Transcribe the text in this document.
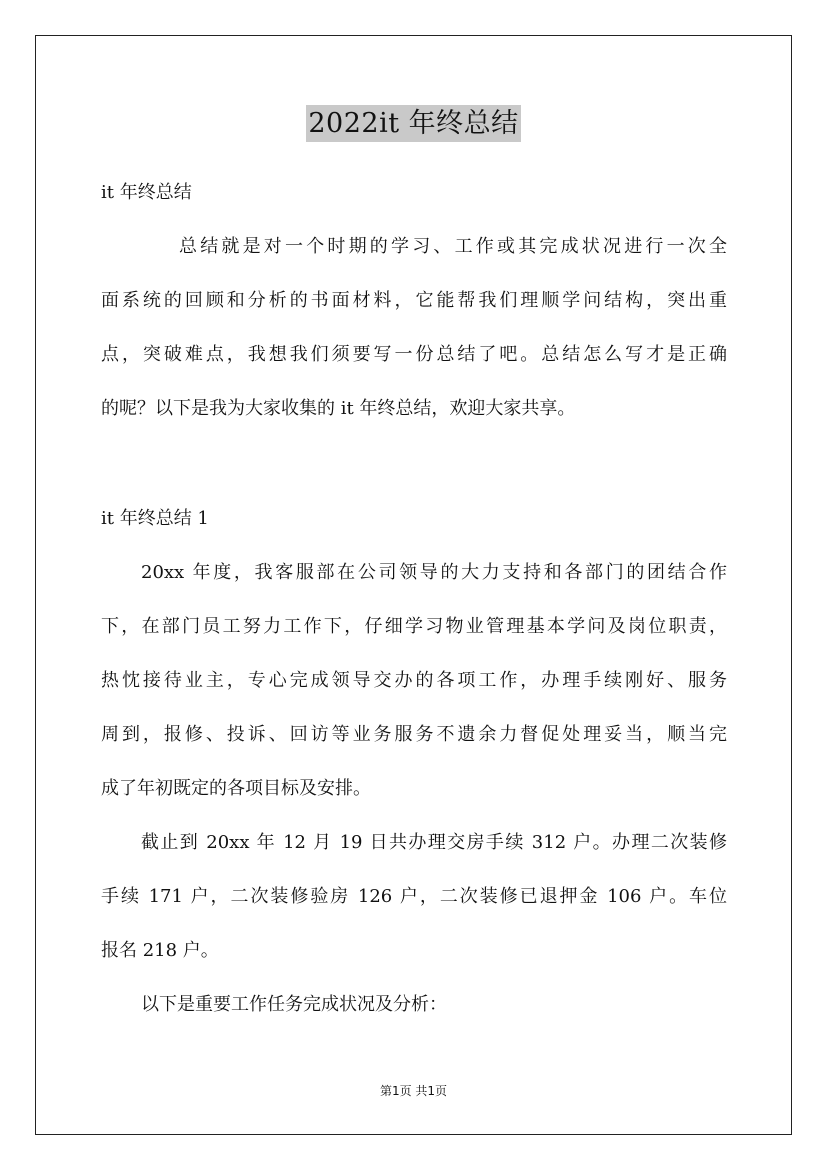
2022it 年终总结
it 年终总结
总结就是对一个时期的学习、工作或其完成状况进行一次全
面系统的回顾和分析的书面材料，它能帮我们理顺学问结构，突出重
点，突破难点，我想我们须要写一份总结了吧。总结怎么写才是正确
的呢？以下是我为大家收集的 it 年终总结，欢迎大家共享。
it 年终总结 1
20xx 年度，我客服部在公司领导的大力支持和各部门的团结合作
下，在部门员工努力工作下，仔细学习物业管理基本学问及岗位职责，
热忱接待业主，专心完成领导交办的各项工作，办理手续刚好、服务
周到，报修、投诉、回访等业务服务不遗余力督促处理妥当，顺当完
成了年初既定的各项目标及安排。
截止到 20xx 年 12 月 19 日共办理交房手续 312 户。办理二次装修
手续 171 户，二次装修验房 126 户，二次装修已退押金 106 户。车位
报名 218 户。
以下是重要工作任务完成状况及分析：
第1页 共1页
